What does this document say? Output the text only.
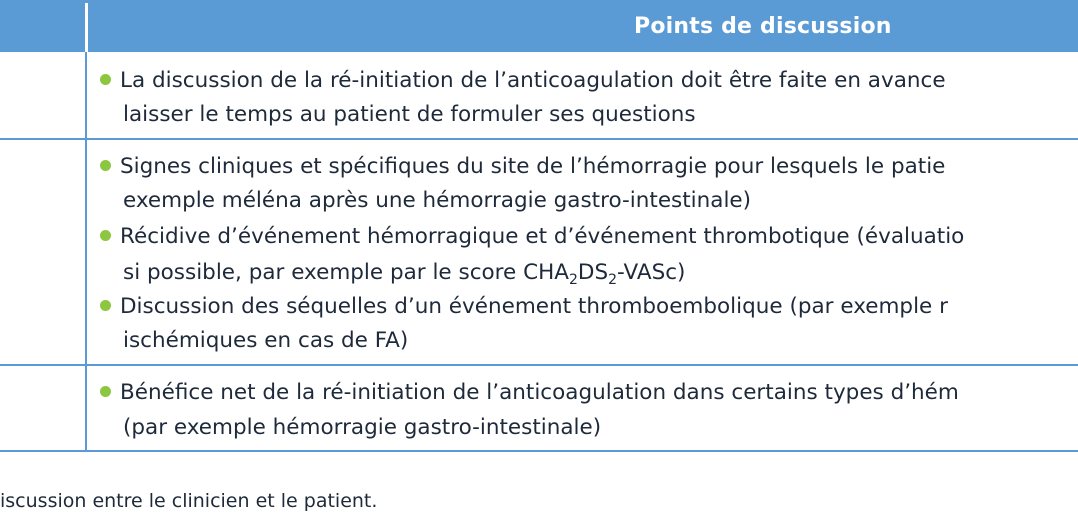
Points de discussion
La discussion de la ré-initiation de l’anticoagulation doit être faite en avance
laisser le temps au patient de formuler ses questions
Signes cliniques et spécifiques du site de l’hémorragie pour lesquels le patie
exemple méléna après une hémorragie gastro-intestinale)
Récidive d’événement hémorragique et d’événement thrombotique (évaluatio
si possible, par exemple par le score $CHA_2DS_2-VASc$)
Discussion des séquelles d’un événement thromboembolique (par exemple r
ischémiques en cas de FA)
Bénéfice net de la ré-initiation de l’anticoagulation dans certains types d’hém
(par exemple hémorragie gastro-intestinale)
iscussion entre le clinicien et le patient.
